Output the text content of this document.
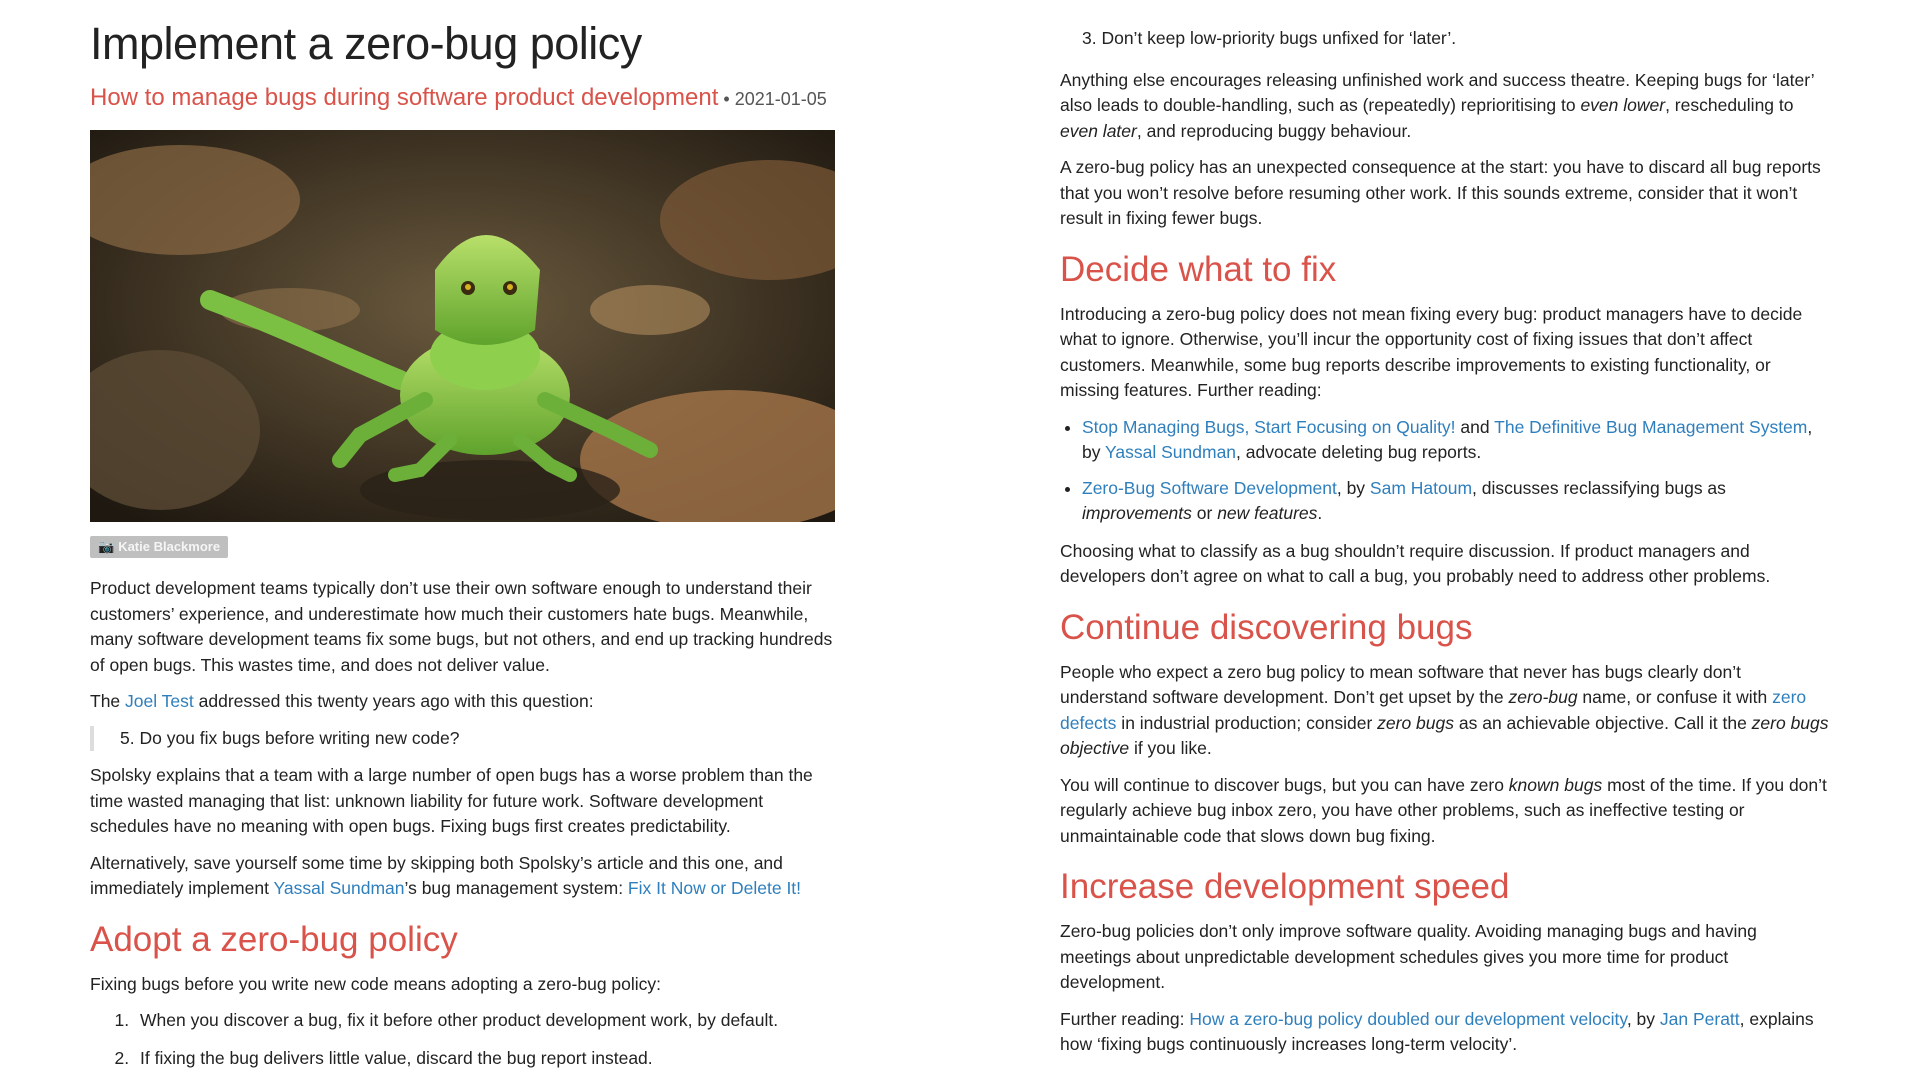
Implement a zero-bug policy
How to manage bugs during software product development • 2021-01-05
📷 Katie Blackmore

Product development teams typically don’t use their own software enough to understand their customers’ experience, and underestimate how much their customers hate bugs. Meanwhile, many software development teams fix some bugs, but not others, and end up tracking hundreds of open bugs. This wastes time, and does not deliver value.

The Joel Test addressed this twenty years ago with this question:

5. Do you fix bugs before writing new code?

Spolsky explains that a team with a large number of open bugs has a worse problem than the time wasted managing that list: unknown liability for future work. Software development schedules have no meaning with open bugs. Fixing bugs first creates predictability.

Alternatively, save yourself some time by skipping both Spolsky’s article and this one, and immediately implement Yassal Sundman’s bug management system: Fix It Now or Delete It!

Adopt a zero-bug policy

Fixing bugs before you write new code means adopting a zero-bug policy:

1. When you discover a bug, fix it before other product development work, by default.
2. If fixing the bug delivers little value, discard the bug report instead.
3. Don’t keep low-priority bugs unfixed for ‘later’.

Anything else encourages releasing unfinished work and success theatre. Keeping bugs for ‘later’ also leads to double-handling, such as (repeatedly) reprioritising to even lower, rescheduling to even later, and reproducing buggy behaviour.

A zero-bug policy has an unexpected consequence at the start: you have to discard all bug reports that you won’t resolve before resuming other work. If this sounds extreme, consider that it won’t result in fixing fewer bugs.

Decide what to fix

Introducing a zero-bug policy does not mean fixing every bug: product managers have to decide what to ignore. Otherwise, you’ll incur the opportunity cost of fixing issues that don’t affect customers. Meanwhile, some bug reports describe improvements to existing functionality, or missing features. Further reading:

• Stop Managing Bugs, Start Focusing on Quality! and The Definitive Bug Management System, by Yassal Sundman, advocate deleting bug reports.
• Zero-Bug Software Development, by Sam Hatoum, discusses reclassifying bugs as improvements or new features.

Choosing what to classify as a bug shouldn’t require discussion. If product managers and developers don’t agree on what to call a bug, you probably need to address other problems.

Continue discovering bugs

People who expect a zero bug policy to mean software that never has bugs clearly don’t understand software development. Don’t get upset by the zero-bug name, or confuse it with zero defects in industrial production; consider zero bugs as an achievable objective. Call it the zero bugs objective if you like.

You will continue to discover bugs, but you can have zero known bugs most of the time. If you don’t regularly achieve bug inbox zero, you have other problems, such as ineffective testing or unmaintainable code that slows down bug fixing.

Increase development speed

Zero-bug policies don’t only improve software quality. Avoiding managing bugs and having meetings about unpredictable development schedules gives you more time for product development.

Further reading: How a zero-bug policy doubled our development velocity, by Jan Peratt, explains how ‘fixing bugs continuously increases long-term velocity’.
